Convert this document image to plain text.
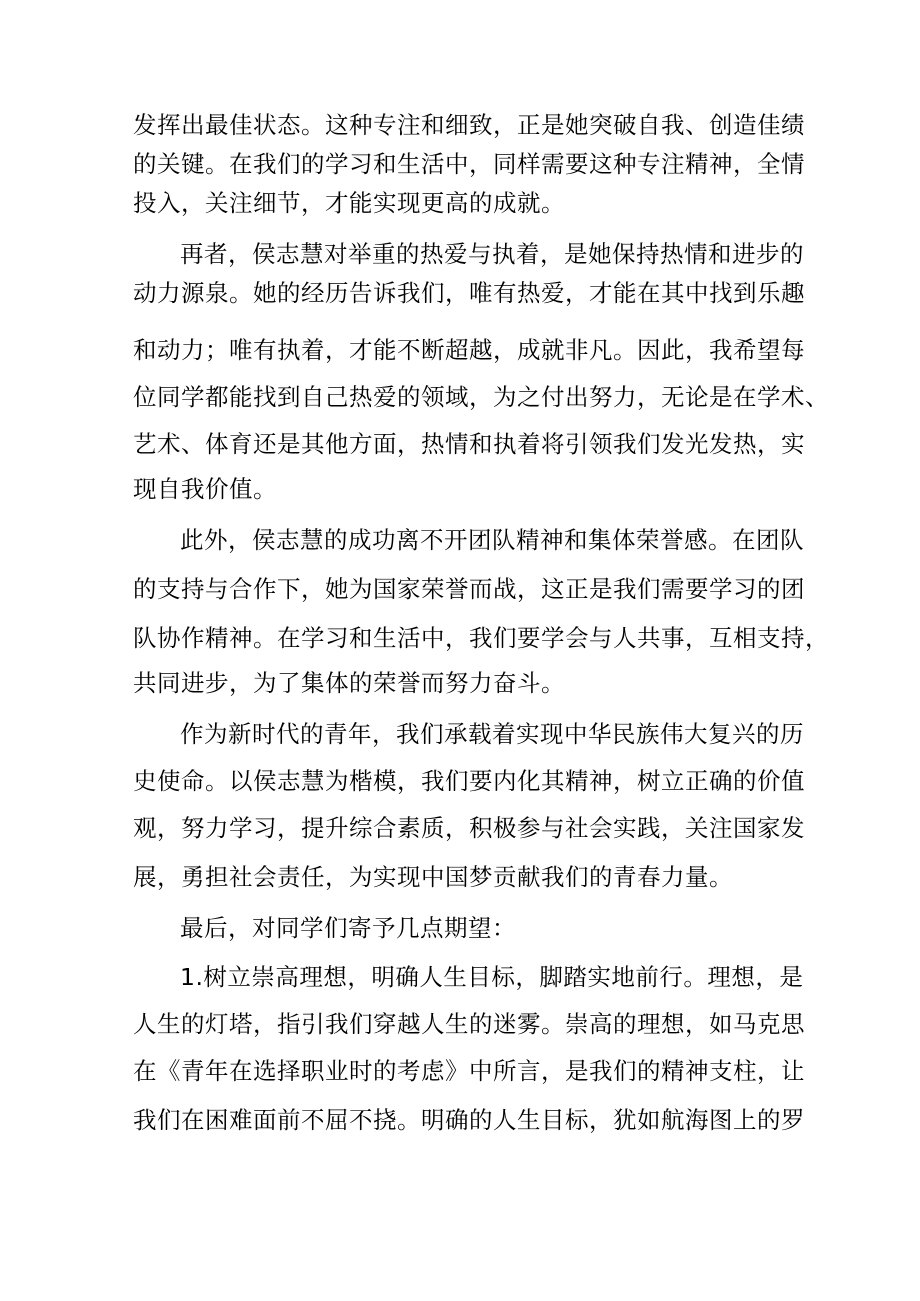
发挥出最佳状态。这种专注和细致，正是她突破自我、创造佳绩
的关键。在我们的学习和生活中，同样需要这种专注精神，全情
投入，关注细节，才能实现更高的成就。
再者，侯志慧对举重的热爱与执着，是她保持热情和进步的
动力源泉。她的经历告诉我们，唯有热爱，才能在其中找到乐趣
和动力；唯有执着，才能不断超越，成就非凡。因此，我希望每
位同学都能找到自己热爱的领域，为之付出努力，无论是在学术、
艺术、体育还是其他方面，热情和执着将引领我们发光发热，实
现自我价值。
此外，侯志慧的成功离不开团队精神和集体荣誉感。在团队
的支持与合作下，她为国家荣誉而战，这正是我们需要学习的团
队协作精神。在学习和生活中，我们要学会与人共事，互相支持，
共同进步，为了集体的荣誉而努力奋斗。
作为新时代的青年，我们承载着实现中华民族伟大复兴的历
史使命。以侯志慧为楷模，我们要内化其精神，树立正确的价值
观，努力学习，提升综合素质，积极参与社会实践，关注国家发
展，勇担社会责任，为实现中国梦贡献我们的青春力量。
最后，对同学们寄予几点期望：
1.树立崇高理想，明确人生目标，脚踏实地前行。理想，是
人生的灯塔，指引我们穿越人生的迷雾。崇高的理想，如马克思
在《青年在选择职业时的考虑》中所言，是我们的精神支柱，让
我们在困难面前不屈不挠。明确的人生目标，犹如航海图上的罗
